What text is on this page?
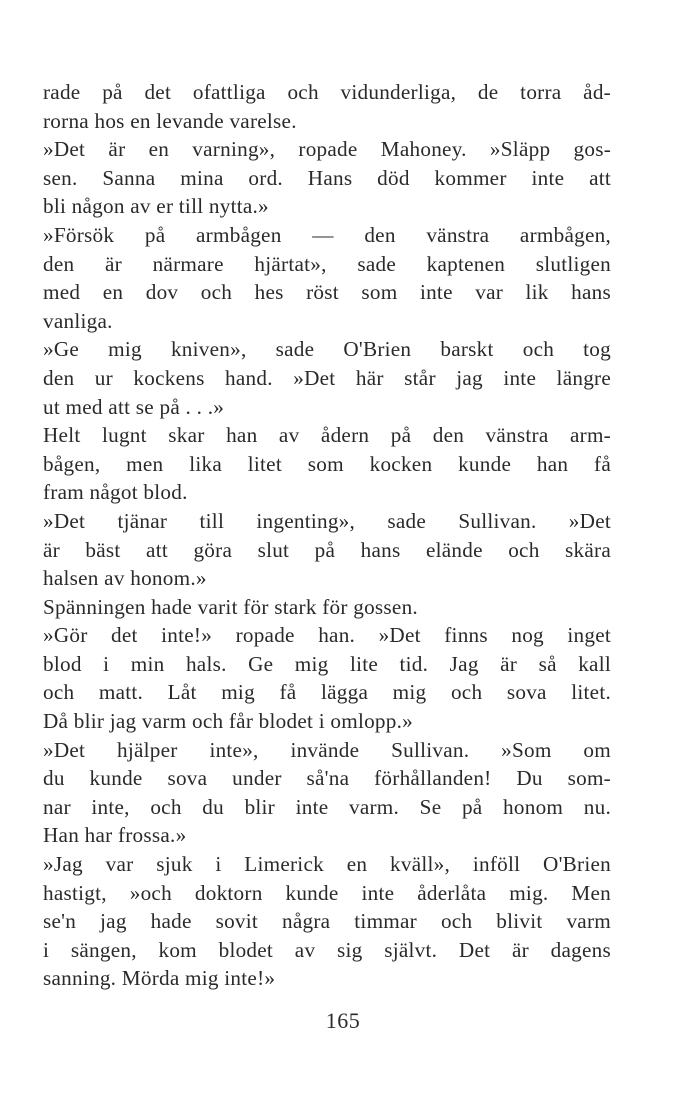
rade på det ofattliga och vidunderliga, de torra åd-
rorna hos en levande varelse.
»Det är en varning», ropade Mahoney. »Släpp gos-
sen. Sanna mina ord. Hans död kommer inte att
bli någon av er till nytta.»
»Försök på armbågen — den vänstra armbågen,
den är närmare hjärtat», sade kaptenen slutligen
med en dov och hes röst som inte var lik hans
vanliga.
»Ge mig kniven», sade O'Brien barskt och tog
den ur kockens hand. »Det här står jag inte längre
ut med att se på . . .»
Helt lugnt skar han av ådern på den vänstra arm-
bågen, men lika litet som kocken kunde han få
fram något blod.
»Det tjänar till ingenting», sade Sullivan. »Det
är bäst att göra slut på hans elände och skära
halsen av honom.»
Spänningen hade varit för stark för gossen.
»Gör det inte!» ropade han. »Det finns nog inget
blod i min hals. Ge mig lite tid. Jag är så kall
och matt. Låt mig få lägga mig och sova litet.
Då blir jag varm och får blodet i omlopp.»
»Det hjälper inte», invände Sullivan. »Som om
du kunde sova under så'na förhållanden! Du som-
nar inte, och du blir inte varm. Se på honom nu.
Han har frossa.»
»Jag var sjuk i Limerick en kväll», inföll O'Brien
hastigt, »och doktorn kunde inte åderlåta mig. Men
se'n jag hade sovit några timmar och blivit varm
i sängen, kom blodet av sig självt. Det är dagens
sanning. Mörda mig inte!»
165
